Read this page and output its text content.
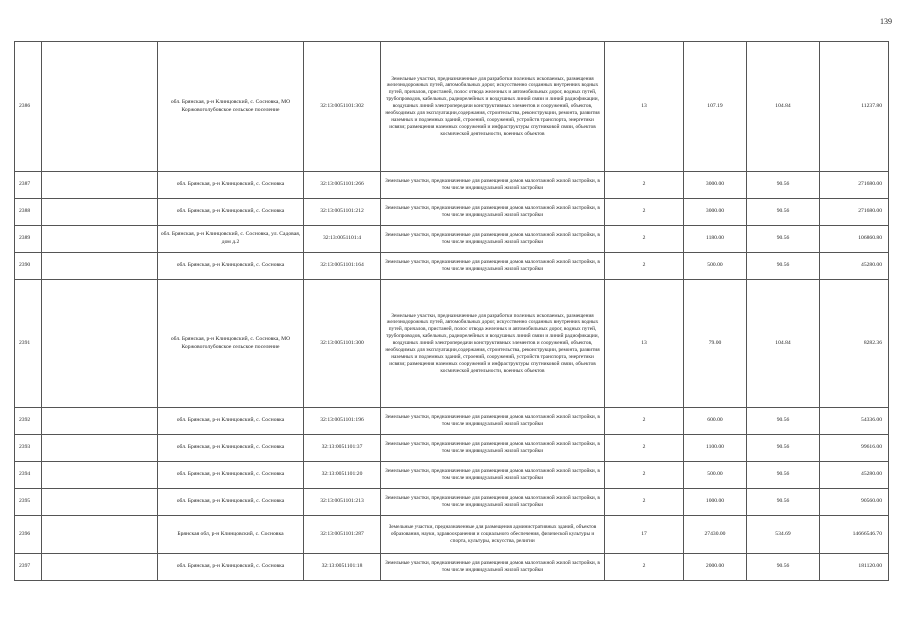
139
2386		обл. Брянская, р-н Клинцовский, с. Сосновка, МО Коржовоголубовское сельское поселение	32:13:0051101:302	Земельные участки, предназначенные для разработки полезных ископаемых, размещения железнодорожных путей, автомобильных дорог, искусственно созданных внутренних водных путей, причалов, пристаней, полос отвода железных и автомобильных дорог, водных путей, трубопроводов, кабельных, радиорелейных и воздушных линий связи и линий радиофикации, воздушных линий электропередачи конструктивных элементов и сооружений, объектов, необходимых для эксплуатации,содержания, строительства, реконструкции, ремонта, развития наземных и подземных зданий, строений, сооружений, устройств транспорта, энергетики исвязи; размещения наземных сооружений и инфраструктуры спутниковой связи, объектов космической деятельности, военных объектов	13	107.19	104.84	11237.80
2387		обл. Брянская, р-н Клинцовский, с. Сосновка	32:13:0051101:266	Земельные участки, предназначенные для размещения домов малоэтажной жилой застройки, в том числе индивидуальной жилой застройки	2	3000.00	90.56	271680.00
2388		обл. Брянская, р-н Клинцовский, с. Сосновка	32:13:0051101:212	Земельные участки, предназначенные для размещения домов малоэтажной жилой застройки, в том числе индивидуальной жилой застройки	2	3000.00	90.56	271680.00
2389		обл. Брянская, р-н Клинцовский, с. Сосновка, ул. Садовая, дом д.2	32:13:0051101:4	Земельные участки, предназначенные для размещения домов малоэтажной жилой застройки, в том числе индивидуальной жилой застройки	2	1180.00	90.56	106860.80
2390		обл. Брянская, р-н Клинцовский, с. Сосновка	32:13:0051101:164	Земельные участки, предназначенные для размещения домов малоэтажной жилой застройки, в том числе индивидуальной жилой застройки	2	500.00	90.56	45280.00
2391		обл. Брянская, р-н Клинцовский, с. Сосновка, МО Коржовоголубовское сельское поселение	32:13:0051101:300	Земельные участки, предназначенные для разработки полезных ископаемых, размещения железнодорожных путей, автомобильных дорог, искусственно созданных внутренних водных путей, причалов, пристаней, полос отвода железных и автомобильных дорог, водных путей, трубопроводов, кабельных, радиорелейных и воздушных линий связи и линий радиофикации, воздушных линий электропередачи конструктивных элементов и сооружений, объектов, необходимых для эксплуатации,содержания, строительства, реконструкции, ремонта, развития наземных и подземных зданий, строений, сооружений, устройств транспорта, энергетики исвязи; размещения наземных сооружений и инфраструктуры спутниковой связи, объектов космической деятельности, военных объектов	13	79.00	104.84	8282.36
2392		обл. Брянская, р-н Клинцовский, с. Сосновка	32:13:0051101:196	Земельные участки, предназначенные для размещения домов малоэтажной жилой застройки, в том числе индивидуальной жилой застройки	2	600.00	90.56	54336.00
2393		обл. Брянская, р-н Клинцовский, с. Сосновка	32:13:0051101:37	Земельные участки, предназначенные для размещения домов малоэтажной жилой застройки, в том числе индивидуальной жилой застройки	2	1100.00	90.56	99616.00
2394		обл. Брянская, р-н Клинцовский, с. Сосновка	32:13:0051101:20	Земельные участки, предназначенные для размещения домов малоэтажной жилой застройки, в том числе индивидуальной жилой застройки	2	500.00	90.56	45280.00
2395		обл. Брянская, р-н Клинцовский, с. Сосновка	32:13:0051101:213	Земельные участки, предназначенные для размещения домов малоэтажной жилой застройки, в том числе индивидуальной жилой застройки	2	1000.00	90.56	90560.00
2396		Брянская обл, р-н Клинцовский, с. Сосновка	32:13:0051101:287	Земельные участки, предназначенные для размещения административных зданий, объектов образования, науки, здравоохранения и социального обеспечения, физической культуры и спорта, культуры, искусства, религии	17	27430.00	534.69	14666546.70
2397		обл. Брянская, р-н Клинцовский, с. Сосновка	32:13:0051101:18	Земельные участки, предназначенные для размещения домов малоэтажной жилой застройки, в том числе индивидуальной жилой застройки	2	2000.00	90.56	181120.00
